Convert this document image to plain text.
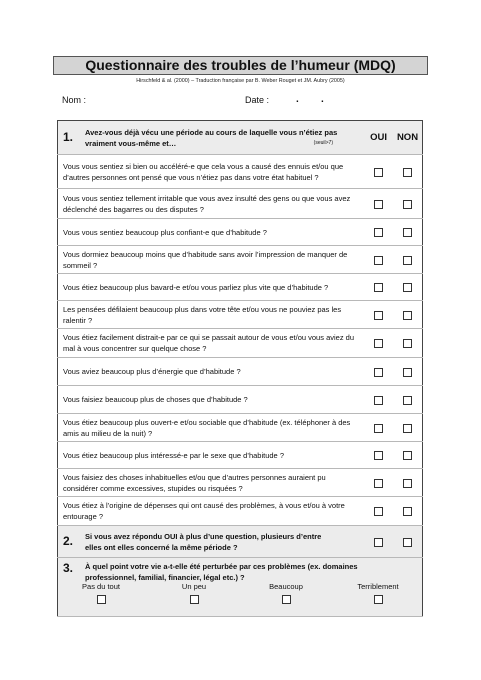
Questionnaire des troubles de l’humeur (MDQ)
Hirschfeld & al. (2000) – Traduction française par B. Weber Rouget et JM. Aubry (2005)
Nom :	Date :	. .
1. Avez-vous déjà vécu une période au cours de laquelle vous n’étiez pas vraiment vous-même et… (seuil>7)	OUI	NON
Vous vous sentiez si bien ou accéléré-e que cela vous a causé des ennuis et/ou que d’autres personnes ont pensé que vous n’étiez pas dans votre état habituel ?		
Vous vous sentiez tellement irritable que vous avez insulté des gens ou que vous avez déclenché des bagarres ou des disputes ?		
Vous vous sentiez beaucoup plus confiant-e que d’habitude ?		
Vous dormiez beaucoup moins que d’habitude sans avoir l’impression de manquer de sommeil ?		
Vous étiez beaucoup plus bavard-e et/ou vous parliez plus vite que d’habitude ?		
Les pensées défilaient beaucoup plus dans votre tête et/ou vous ne pouviez pas les ralentir ?		
Vous étiez facilement distrait-e par ce qui se passait autour de vous et/ou vous aviez du mal à vous concentrer sur quelque chose ?		
Vous aviez beaucoup plus d’énergie que d’habitude ?		
Vous faisiez beaucoup plus de choses que d’habitude ?		
Vous étiez beaucoup plus ouvert-e et/ou sociable que d’habitude (ex. téléphoner à des amis au milieu de la nuit) ?		
Vous étiez beaucoup plus intéressé-e par le sexe que d’habitude ?		
Vous faisiez des choses inhabituelles et/ou que d’autres personnes auraient pu considérer comme excessives, stupides ou risquées ?		
Vous étiez à l’origine de dépenses qui ont causé des problèmes, à vous et/ou à votre entourage ?		
2. Si vous avez répondu OUI à plus d’une question, plusieurs d’entre elles ont elles concerné la même période ?		
3. À quel point votre vie a-t-elle été perturbée par ces problèmes (ex. domaines professionnel, familial, financier, légal etc.) ?		
Pas du tout	Un peu	Beaucoup	Terriblement
